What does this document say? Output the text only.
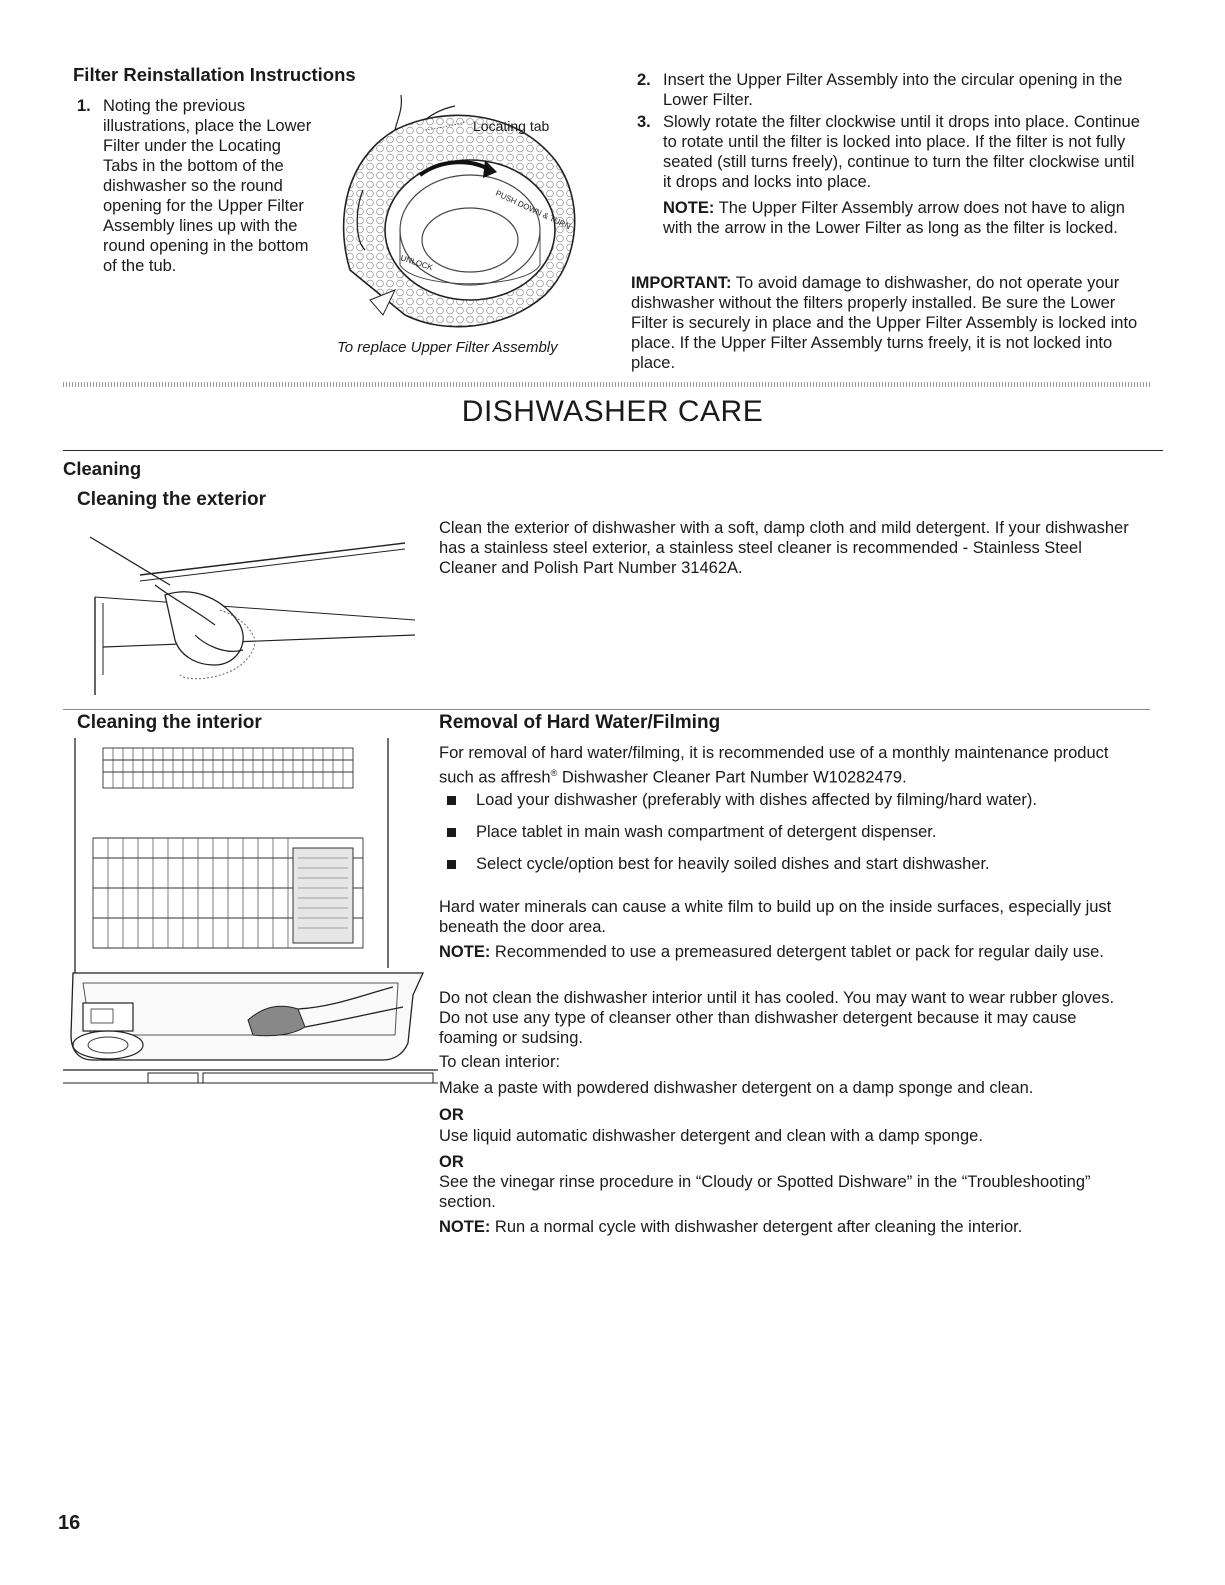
Filter Reinstallation Instructions
1. Noting the previous illustrations, place the Lower Filter under the Locating Tabs in the bottom of the dishwasher so the round opening for the Upper Filter Assembly lines up with the round opening in the bottom of the tub.
PUSH DOWN & TURN
UNLOCK
Locating tab
To replace Upper Filter Assembly
2. Insert the Upper Filter Assembly into the circular opening in the Lower Filter.
3. Slowly rotate the filter clockwise until it drops into place. Continue to rotate until the filter is locked into place. If the filter is not fully seated (still turns freely), continue to turn the filter clockwise until it drops and locks into place.
NOTE: The Upper Filter Assembly arrow does not have to align with the arrow in the Lower Filter as long as the filter is locked.

IMPORTANT: To avoid damage to dishwasher, do not operate your dishwasher without the filters properly installed. Be sure the Lower Filter is securely in place and the Upper Filter Assembly is locked into place. If the Upper Filter Assembly turns freely, it is not locked into place.

DISHWASHER CARE
Cleaning
Cleaning the exterior

Clean the exterior of dishwasher with a soft, damp cloth and mild detergent. If your dishwasher has a stainless steel exterior, a stainless steel cleaner is recommended - Stainless Steel Cleaner and Polish Part Number 31462A.

Cleaning the interior	Removal of Hard Water/Filming

For removal of hard water/filming, it is recommended use of a monthly maintenance product such as affresh® Dishwasher Cleaner Part Number W10282479.

Load your dishwasher (preferably with dishes affected by filming/hard water).
Place tablet in main wash compartment of detergent dispenser.
Select cycle/option best for heavily soiled dishes and start dishwasher.

Hard water minerals can cause a white film to build up on the inside surfaces, especially just beneath the door area.

NOTE: Recommended to use a premeasured detergent tablet or pack for regular daily use.

Do not clean the dishwasher interior until it has cooled. You may want to wear rubber gloves. Do not use any type of cleanser other than dishwasher detergent because it may cause foaming or sudsing.

To clean interior:

Make a paste with powdered dishwasher detergent on a damp sponge and clean.

OR

Use liquid automatic dishwasher detergent and clean with a damp sponge.

OR

See the vinegar rinse procedure in “Cloudy or Spotted Dishware” in the “Troubleshooting” section.

NOTE: Run a normal cycle with dishwasher detergent after cleaning the interior.

16
